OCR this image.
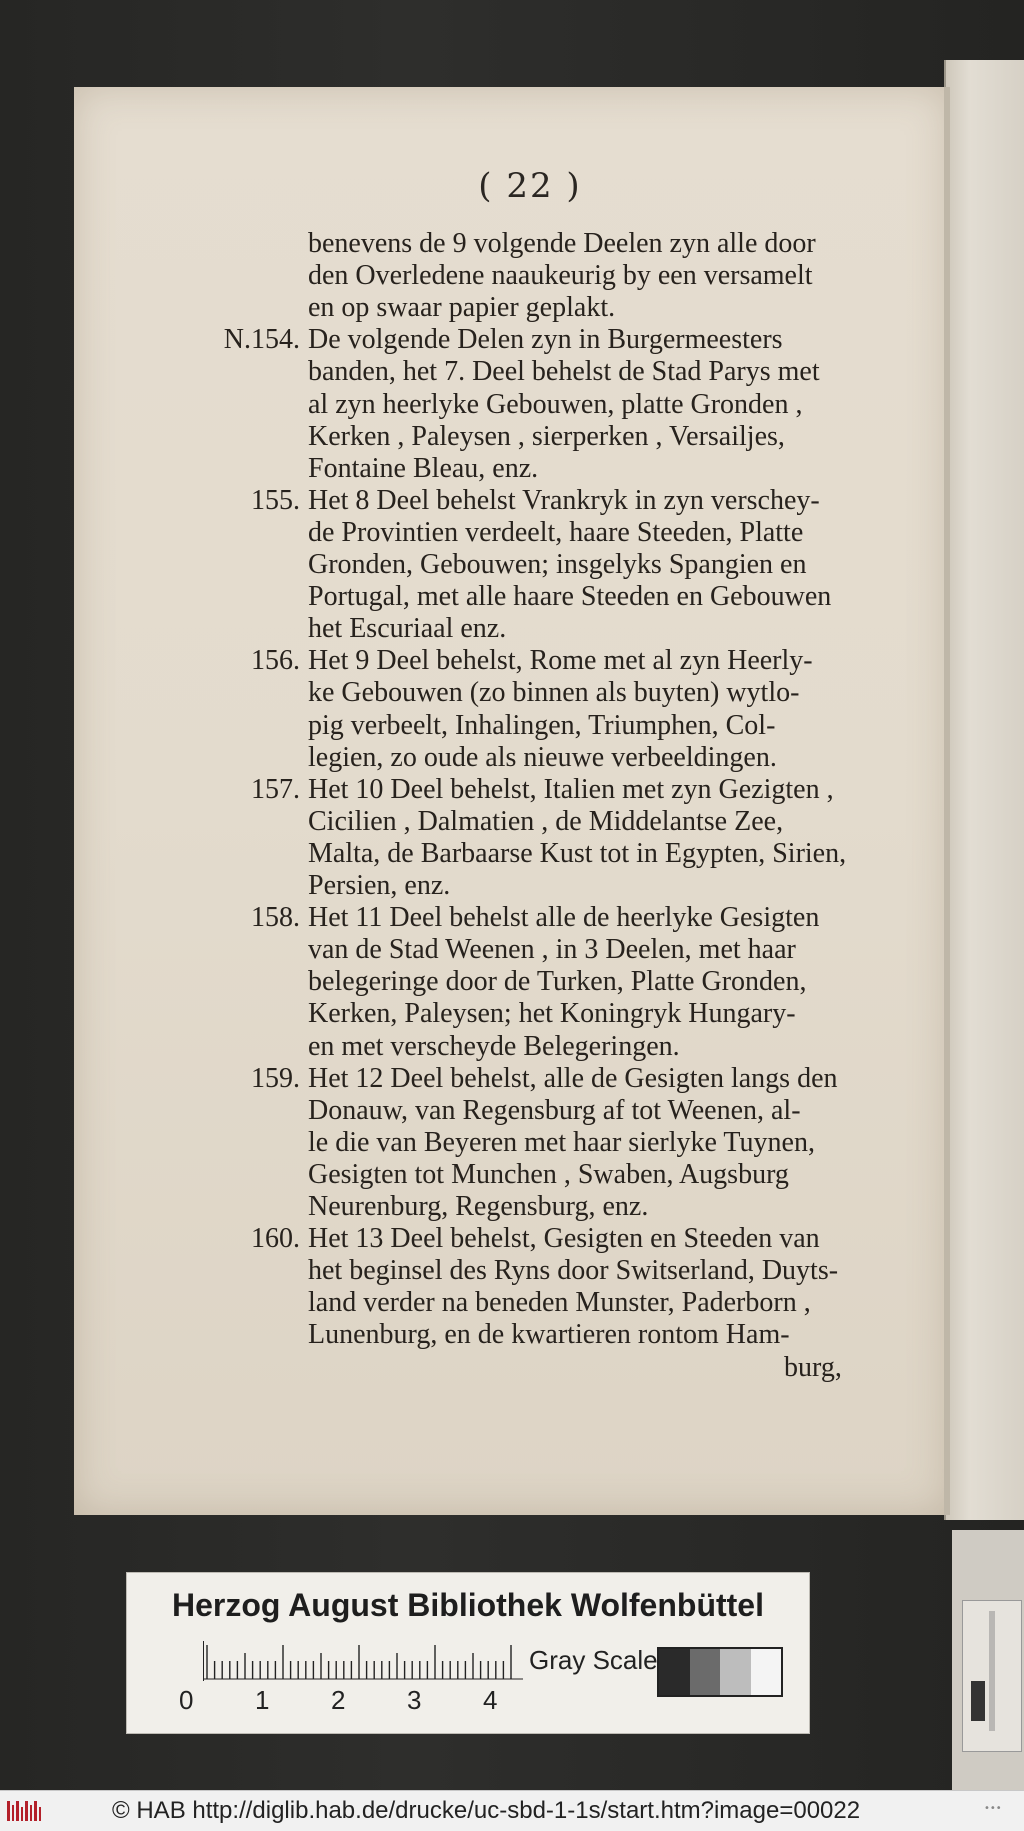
( 22 )
benevens de 9 volgende Deelen zyn alle door
den Overledene naaukeurig by een versamelt
en op swaar papier geplakt.
N.154. De volgende Delen zyn in Burgermeesters
banden, het 7. Deel behelst de Stad Parys met
al zyn heerlyke Gebouwen, platte Gronden ,
Kerken , Paleysen , sierperken , Versailjes,
Fontaine Bleau, enz.
155. Het 8 Deel behelst Vrankryk in zyn verschey-
de Provintien verdeelt, haare Steeden, Platte
Gronden, Gebouwen; insgelyks Spangien en
Portugal, met alle haare Steeden en Gebouwen
het Escuriaal enz.
156. Het 9 Deel behelst, Rome met al zyn Heerly-
ke Gebouwen (zo binnen als buyten) wytlo-
pig verbeelt, Inhalingen, Triumphen, Col-
legien, zo oude als nieuwe verbeeldingen.
157. Het 10 Deel behelst, Italien met zyn Gezigten ,
Cicilien , Dalmatien , de Middelantse Zee,
Malta, de Barbaarse Kust tot in Egypten, Sirien,
Persien, enz.
158. Het 11 Deel behelst alle de heerlyke Gesigten
van de Stad Weenen , in 3 Deelen, met haar
belegeringe door de Turken, Platte Gronden,
Kerken, Paleysen; het Koningryk Hungary-
en met verscheyde Belegeringen.
159. Het 12 Deel behelst, alle de Gesigten langs den
Donauw, van Regensburg af tot Weenen, al-
le die van Beyeren met haar sierlyke Tuynen,
Gesigten tot Munchen , Swaben, Augsburg
Neurenburg, Regensburg, enz.
160. Het 13 Deel behelst, Gesigten en Steeden van
het beginsel des Ryns door Switserland, Duyts-
land verder na beneden Munster, Paderborn ,
Lunenburg, en de kwartieren rontom Ham-
burg,
Herzog August Bibliothek Wolfenbüttel
Gray Scale
0 1 2 3 4
© HAB http://diglib.hab.de/drucke/uc-sbd-1-1s/start.htm?image=00022	•••
